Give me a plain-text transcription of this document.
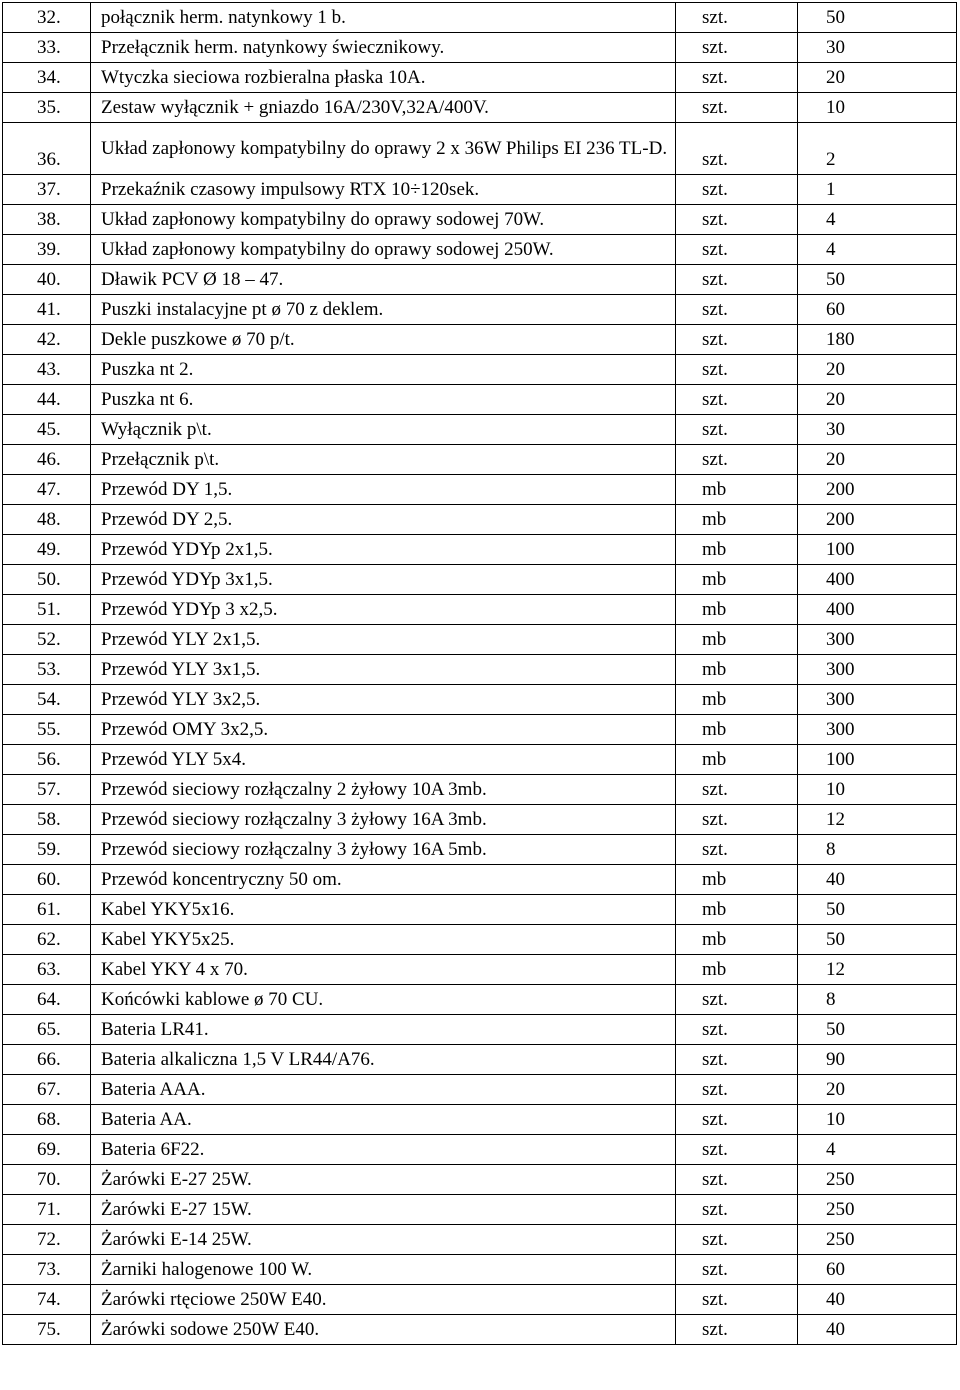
32.	połącznik herm. natynkowy 1 b.	szt.	50
33.	Przełącznik herm. natynkowy świecznikowy.	szt.	30
34.	Wtyczka sieciowa rozbieralna płaska 10A.	szt.	20
35.	Zestaw wyłącznik + gniazdo 16A/230V,32A/400V.	szt.	10
36.	Układ zapłonowy kompatybilny do oprawy 2 x 36W Philips EI 236 TL-D.	szt.	2
37.	Przekaźnik czasowy impulsowy RTX 10÷120sek.	szt.	1
38.	Układ zapłonowy kompatybilny do oprawy sodowej 70W.	szt.	4
39.	Układ zapłonowy kompatybilny do oprawy sodowej 250W.	szt.	4
40.	Dławik PCV Ø 18 – 47.	szt.	50
41.	Puszki instalacyjne pt ø 70 z deklem.	szt.	60
42.	Dekle puszkowe ø 70 p/t.	szt.	180
43.	Puszka nt 2.	szt.	20
44.	Puszka nt 6.	szt.	20
45.	Wyłącznik p\t.	szt.	30
46.	Przełącznik p\t.	szt.	20
47.	Przewód DY 1,5.	mb	200
48.	Przewód DY 2,5.	mb	200
49.	Przewód YDYp 2x1,5.	mb	100
50.	Przewód YDYp 3x1,5.	mb	400
51.	Przewód YDYp 3 x2,5.	mb	400
52.	Przewód YLY 2x1,5.	mb	300
53.	Przewód YLY 3x1,5.	mb	300
54.	Przewód YLY 3x2,5.	mb	300
55.	Przewód OMY 3x2,5.	mb	300
56.	Przewód YLY 5x4.	mb	100
57.	Przewód sieciowy rozłączalny 2 żyłowy 10A 3mb.	szt.	10
58.	Przewód sieciowy rozłączalny 3 żyłowy 16A 3mb.	szt.	12
59.	Przewód sieciowy rozłączalny 3 żyłowy 16A 5mb.	szt.	8
60.	Przewód koncentryczny 50 om.	mb	40
61.	Kabel YKY5x16.	mb	50
62.	Kabel YKY5x25.	mb	50
63.	Kabel YKY 4 x 70.	mb	12
64.	Końcówki kablowe ø 70 CU.	szt.	8
65.	Bateria LR41.	szt.	50
66.	Bateria alkaliczna 1,5 V LR44/A76.	szt.	90
67.	Bateria AAA.	szt.	20
68.	Bateria AA.	szt.	10
69.	Bateria 6F22.	szt.	4
70.	Żarówki E-27 25W.	szt.	250
71.	Żarówki E-27 15W.	szt.	250
72.	Żarówki E-14 25W.	szt.	250
73.	Żarniki halogenowe 100 W.	szt.	60
74.	Żarówki rtęciowe 250W E40.	szt.	40
75.	Żarówki sodowe 250W E40.	szt.	40
